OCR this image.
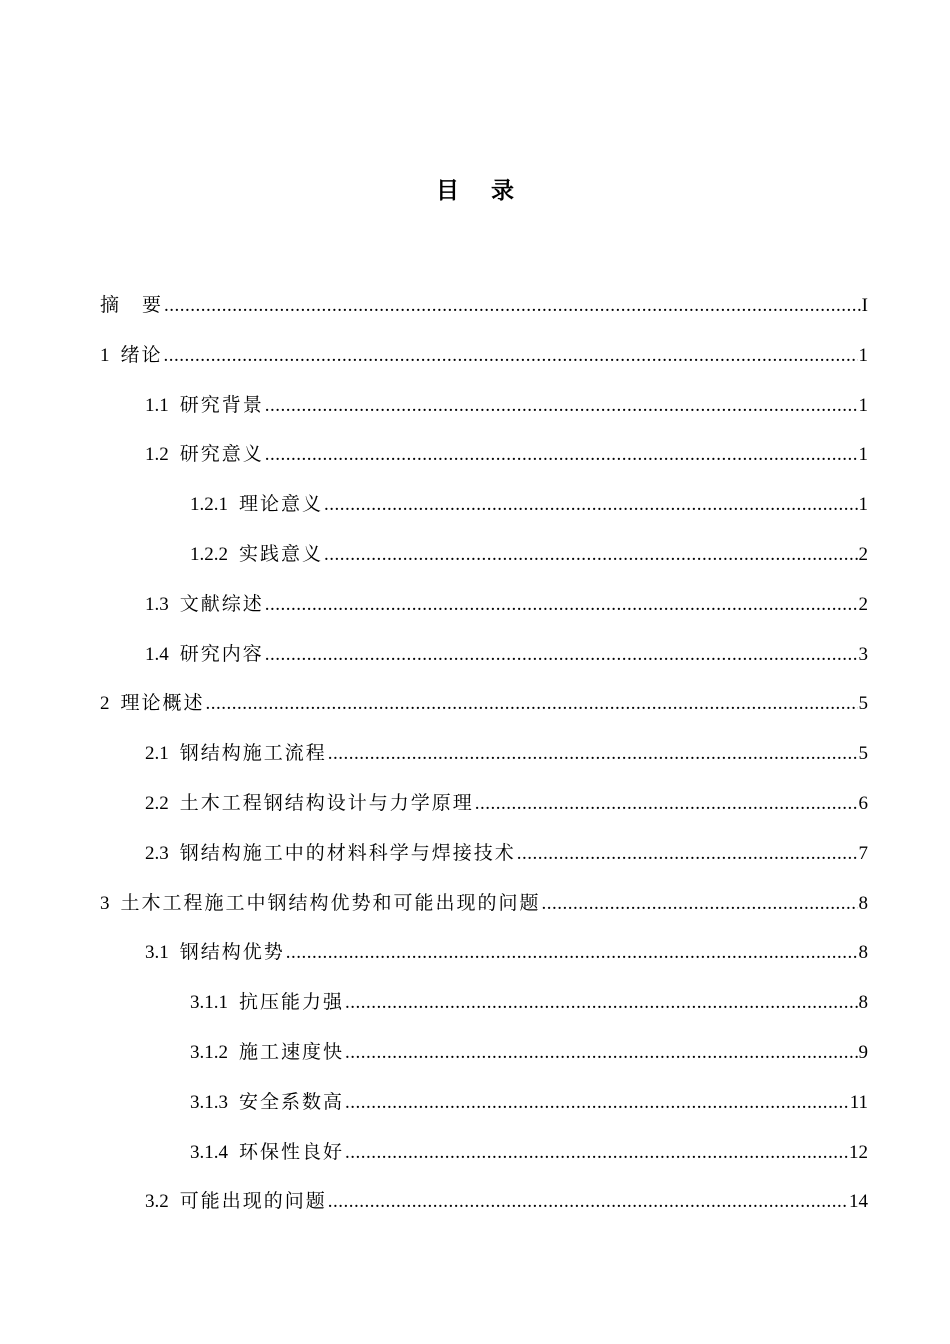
目 录
摘　要 .....	I
1 绪论 .....	1
1.1 研究背景 .....	1
1.2 研究意义 .....	1
1.2.1 理论意义 .....	1
1.2.2 实践意义 .....	2
1.3 文献综述 .....	2
1.4 研究内容 .....	3
2 理论概述 .....	5
2.1 钢结构施工流程 .....	5
2.2 土木工程钢结构设计与力学原理 .....	6
2.3 钢结构施工中的材料科学与焊接技术 .....	7
3 土木工程施工中钢结构优势和可能出现的问题 .....	8
3.1 钢结构优势 .....	8
3.1.1 抗压能力强 .....	8
3.1.2 施工速度快 .....	9
3.1.3 安全系数高 .....	11
3.1.4 环保性良好 .....	12
3.2 可能出现的问题 .....	14
